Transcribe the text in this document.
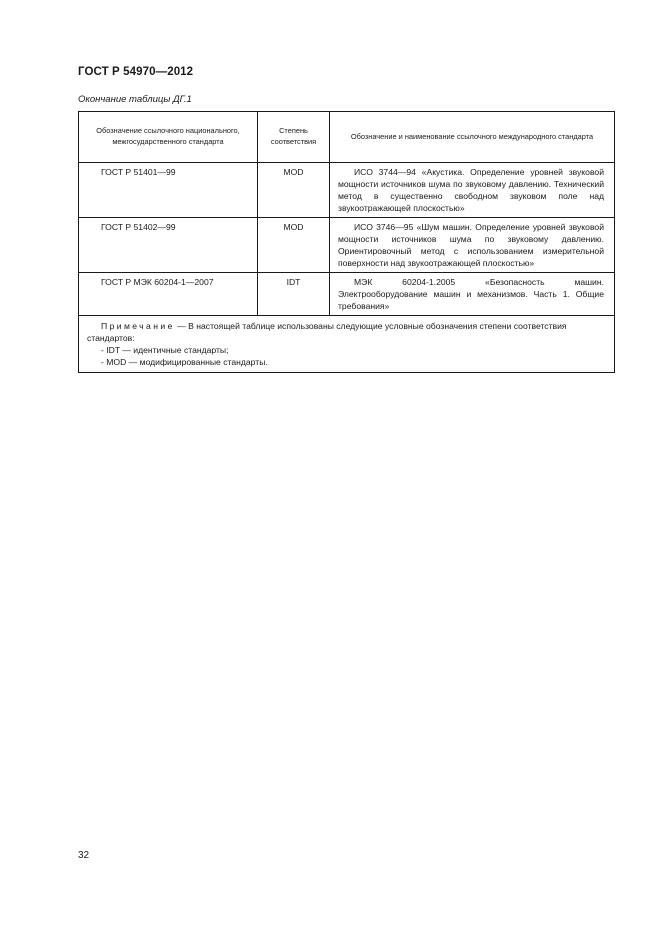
ГОСТ Р 54970—2012
Окончание таблицы ДГ.1
Обозначение ссылочного национального, межгосударственного стандарта	Степень соответствия	Обозначение и наименование ссылочного международного стандарта
ГОСТ Р 51401—99	MOD	ИСО 3744—94 «Акустика. Определение уровней звуковой мощности источников шума по звуковому давлению. Технический метод в существенно свободном звуковом поле над звукоотражающей плоскостью»

ГОСТ Р 51402—99	MOD	ИСО 3746—95 «Шум машин. Определение уровней звуковой мощности источников шума по звуковому давлению. Ориентировочный метод с использованием измерительной поверхности над звукоотражающей плоскостью»

ГОСТ Р МЭК 60204-1—2007	IDT	МЭК 60204-1.2005 «Безопасность машин. Электрооборудование машин и механизмов. Часть 1. Общие требования»

Примечание — В настоящей таблице использованы следующие условные обозначения степени соответствия стандартов:
- IDT — идентичные стандарты;
- MOD — модифицированные стандарты.		
32
